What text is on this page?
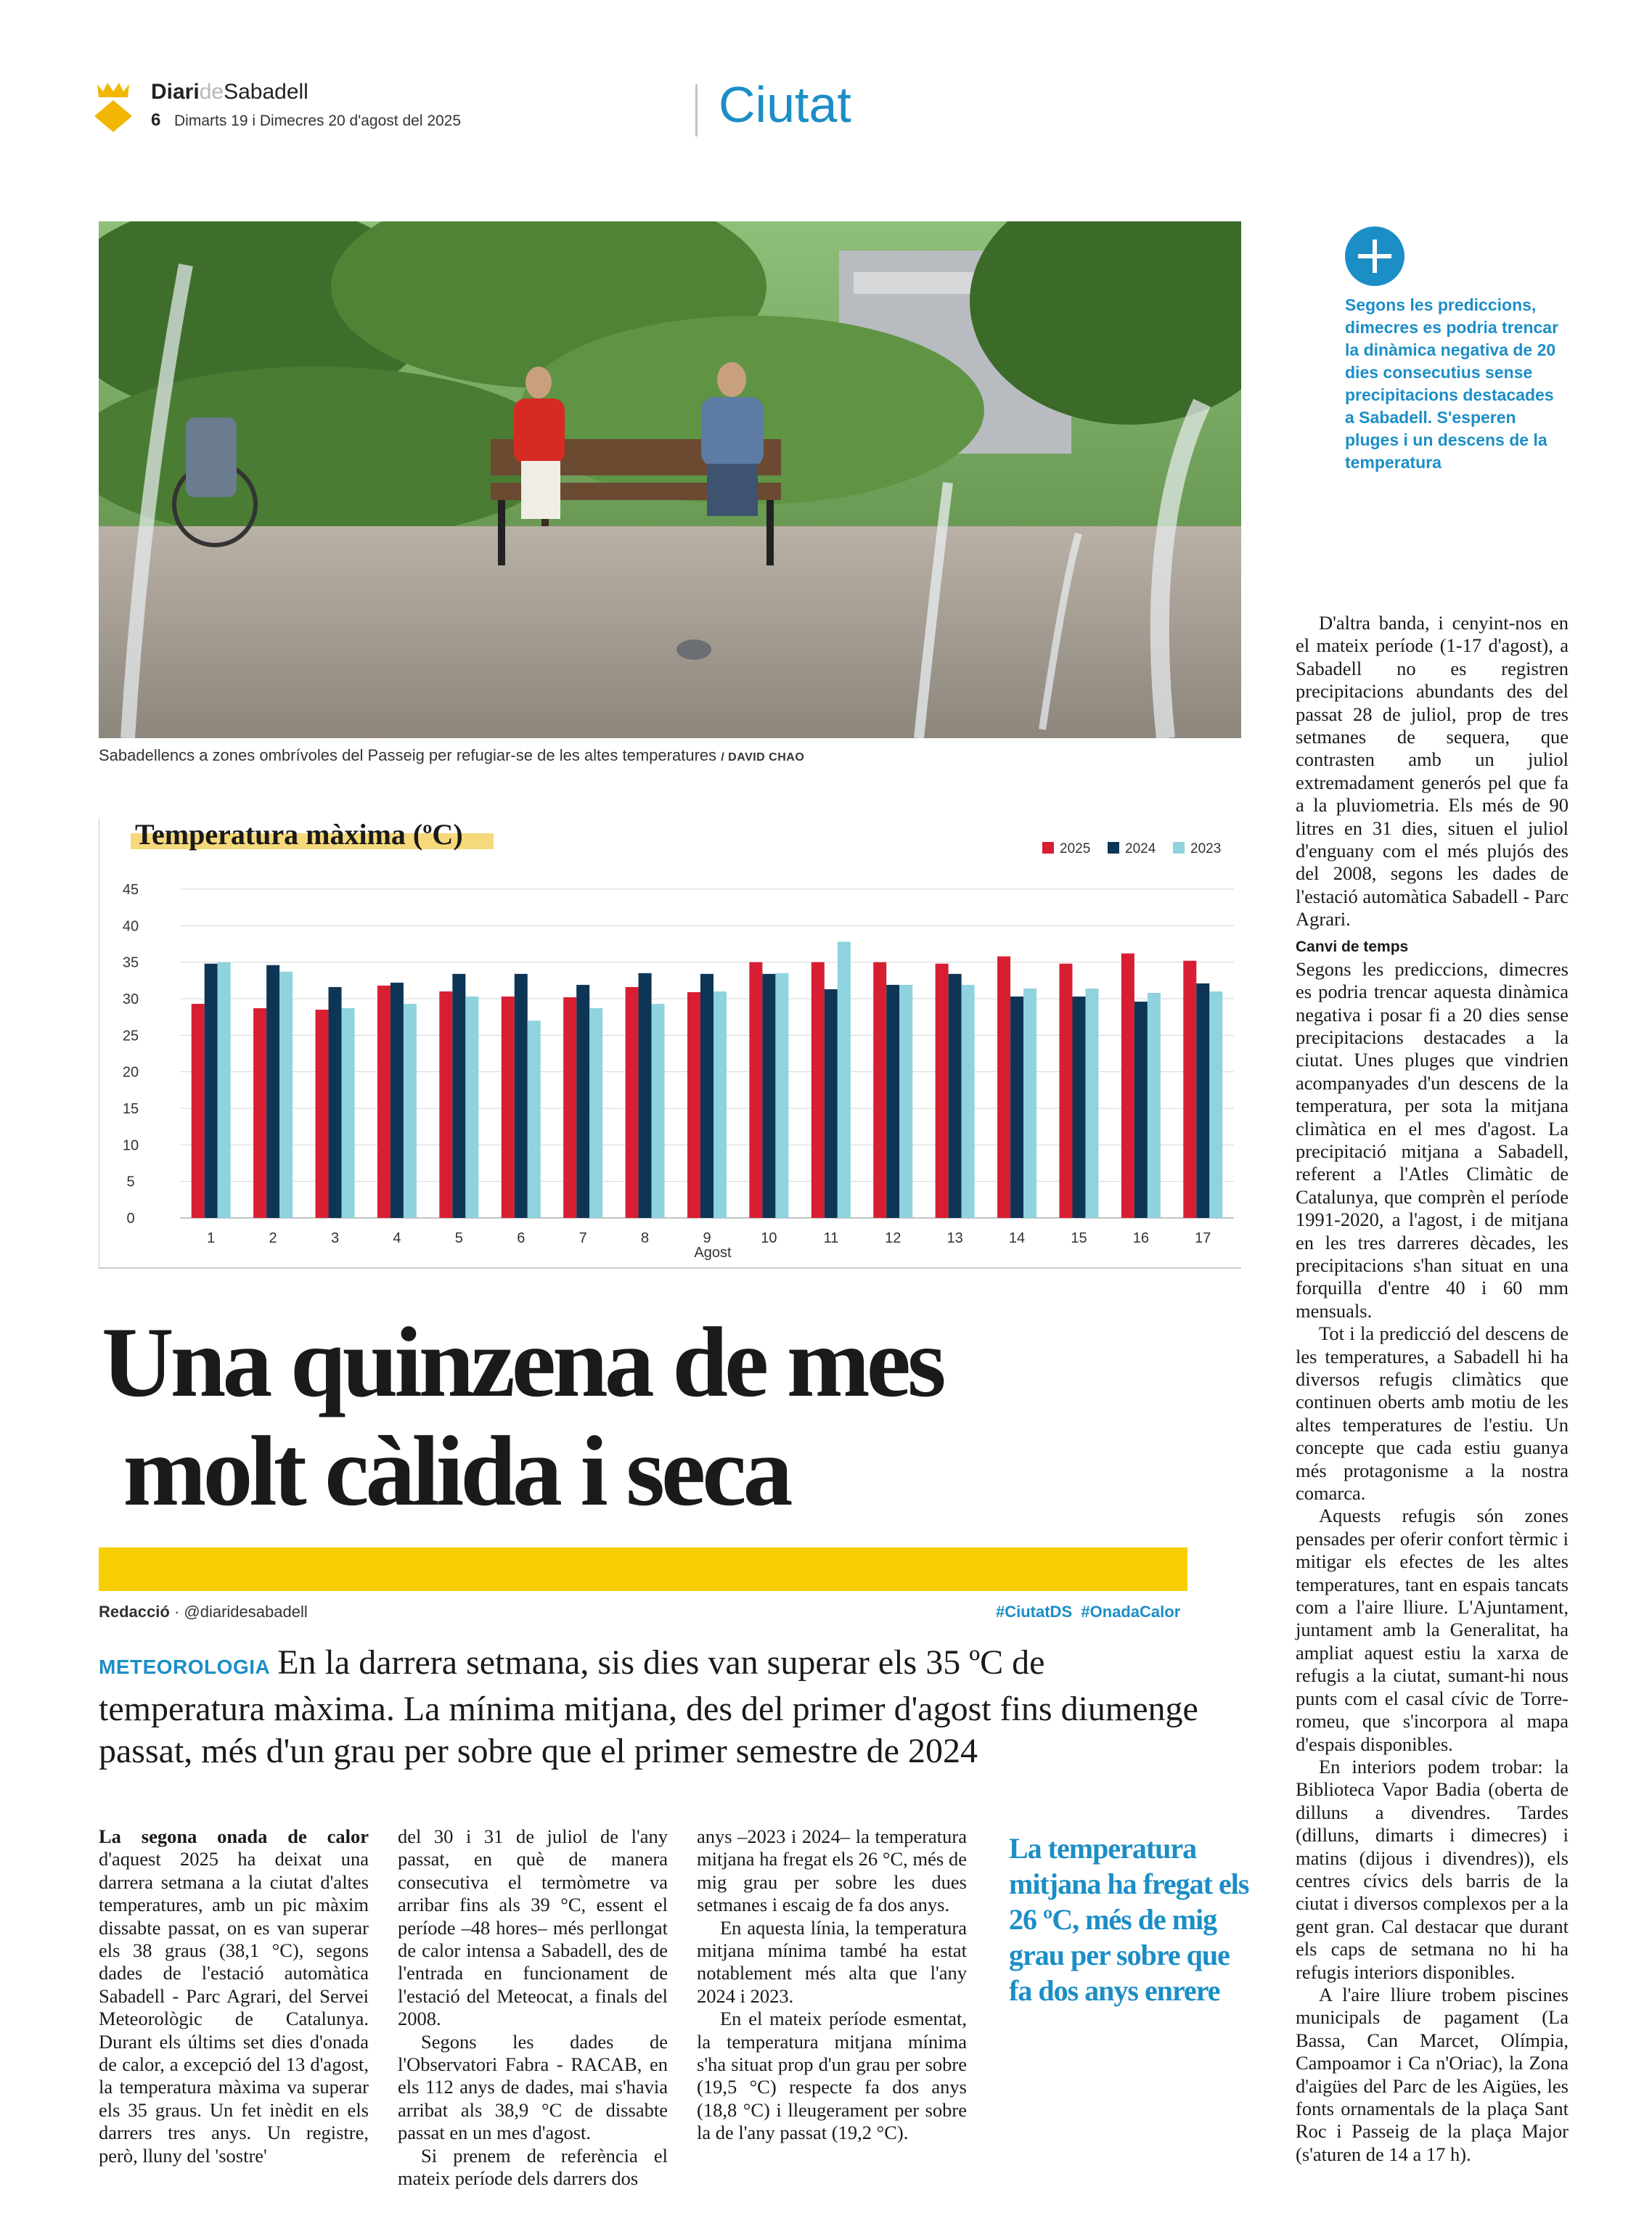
DiarideSabadell
6 Dimarts 19 i Dimecres 20 d'agost del 2025	Ciutat
Sabadellencs a zones ombrívoles del Passeig per refugiar-se de les altes temperatures / DAVID CHAO
Segons les prediccions, dimecres es podria trencar la dinàmica negativa de 20 dies consecutius sense precipitacions destacades a Sabadell. S'esperen pluges i un descens de la temperatura
0
5
10
15
20
25
30
35
40
45
1	2	3	4	5	6	7	8	9	10	11	12	13	14	15	16	17
2025	2024	2023
Agost
Temperatura màxima (ºC)
Una quinzena de mes
molt càlida i seca
Redacció · @diaridesabadell	#CiutatDS  #OnadaCalor
METEOROLOGIA En la darrera setmana, sis dies van superar els 35 ºC de temperatura màxima. La mínima mitjana, des del primer d'agost fins diumenge passat, més d'un grau per sobre que el primer semestre de 2024

La segona onada de calor d'aquest 2025 ha deixat una darrera setmana a la ciutat d'altes temperatures, amb un pic màxim dissabte passat, on es van superar els 38 graus (38,1 °C), segons dades de l'estació automàtica Sabadell - Parc Agrari, del Servei Meteorològic de Catalunya. Durant els últims set dies d'onada de calor, a excepció del 13 d'agost, la temperatura màxima va superar els 35 graus. Un fet inèdit en els darrers tres anys. Un registre, però, lluny del 'sostre'

del 30 i 31 de juliol de l'any passat, en què de manera consecutiva el termòmetre va arribar fins als 39 °C, essent el període –48 hores– més perllongat de calor intensa a Sabadell, des de l'entrada en funcionament de l'estació del Meteocat, a finals del 2008.

Segons les dades de l'Observatori Fabra - RACAB, en els 112 anys de dades, mai s'havia arribat als 38,9 °C de dissabte passat en un mes d'agost.

Si prenem de referència el mateix període dels darrers dos

anys –2023 i 2024– la temperatura mitjana ha fregat els 26 °C, més de mig grau per sobre les dues setmanes i escaig de fa dos anys.

En aquesta línia, la temperatura mitjana mínima també ha estat notablement més alta que l'any 2024 i 2023.

En el mateix període esmentat, la temperatura mitjana mínima s'ha situat prop d'un grau per sobre (19,5 °C) respecte fa dos anys (18,8 °C) i lleugerament per sobre la de l'any passat (19,2 °C).

La temperatura mitjana ha fregat els 26 ºC, més de mig grau per sobre que fa dos anys enrere

D'altra banda, i cenyint-nos en el mateix període (1-17 d'agost), a Sabadell no es registren precipitacions abundants des del passat 28 de juliol, prop de tres setmanes de sequera, que contrasten amb un juliol extremadament generós pel que fa a la pluviometria. Els més de 90 litres en 31 dies, situen el juliol d'enguany com el més plujós des del 2008, segons les dades de l'estació automàtica Sabadell - Parc Agrari.

Canvi de temps

Segons les prediccions, dimecres es podria trencar aquesta dinàmica negativa i posar fi a 20 dies sense precipitacions destacades a la ciutat. Unes pluges que vindrien acompanyades d'un descens de la temperatura, per sota la mitjana climàtica en el mes d'agost. La precipitació mitjana a Sabadell, referent a l'Atles Climàtic de Catalunya, que comprèn el període 1991-2020, a l'agost, i de mitjana en les tres darreres dècades, les precipitacions s'han situat en una forquilla d'entre 40 i 60 mm mensuals.

Tot i la predicció del descens de les temperatures, a Sabadell hi ha diversos refugis climàtics que continuen oberts amb motiu de les altes temperatures de l'estiu. Un concepte que cada estiu guanya més protagonisme a la nostra comarca.

Aquests refugis són zones pensades per oferir confort tèrmic i mitigar els efectes de les altes temperatures, tant en espais tancats com a l'aire lliure. L'Ajuntament, juntament amb la Generalitat, ha ampliat aquest estiu la xarxa de refugis a la ciutat, sumant-hi nous punts com el casal cívic de Torre-romeu, que s'incorpora al mapa d'espais disponibles.

En interiors podem trobar: la Biblioteca Vapor Badia (oberta de dilluns a divendres. Tardes (dilluns, dimarts i dimecres) i matins (dijous i divendres)), els centres cívics dels barris de la ciutat i diversos complexos per a la gent gran. Cal destacar que durant els caps de setmana no hi ha refugis interiors disponibles.

A l'aire lliure trobem piscines municipals de pagament (La Bassa, Can Marcet, Olímpia, Campoamor i Ca n'Oriac), la Zona d'aigües del Parc de les Aigües, les fonts ornamentals de la plaça Sant Roc i Passeig de la plaça Major (s'aturen de 14 a 17 h).
